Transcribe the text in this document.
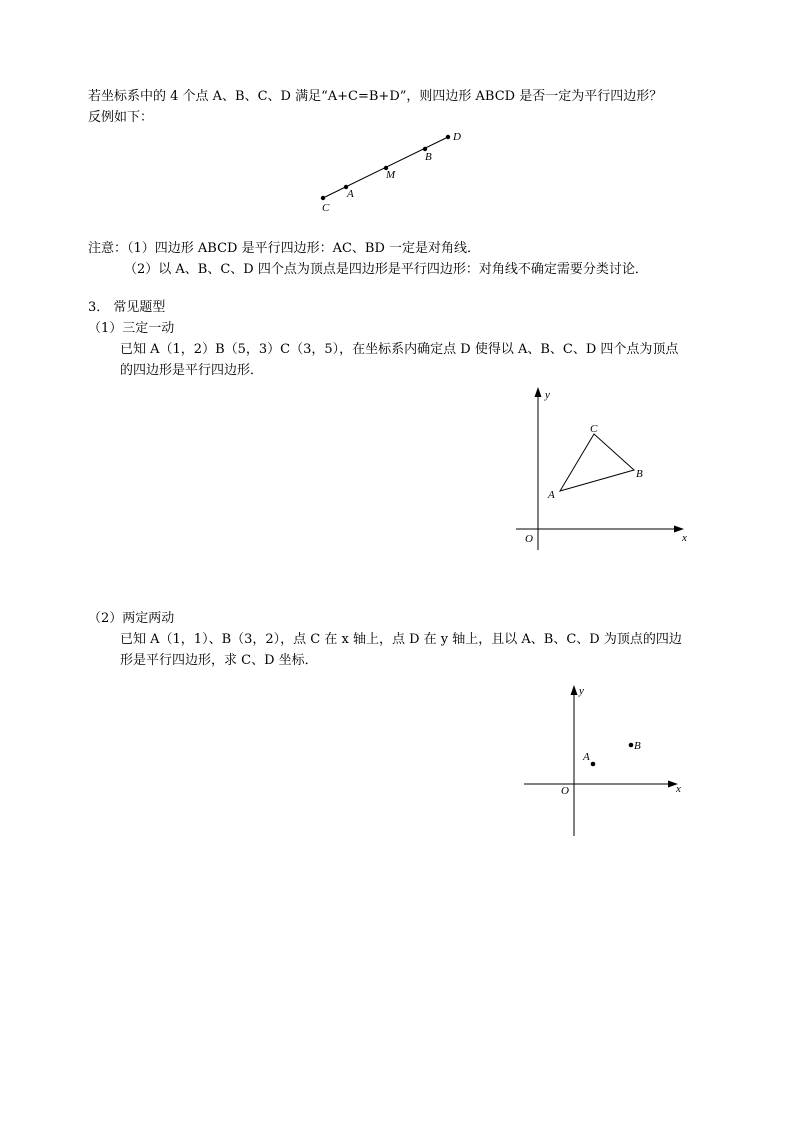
若坐标系中的 4 个点 A、B、C、D 满足“A+C=B+D”，则四边形 ABCD 是否一定为平行四边形？
反例如下：
C
A
M
B
D
注意：（1）四边形 ABCD 是平行四边形：AC、BD 一定是对角线．
（2）以 A、B、C、D 四个点为顶点是四边形是平行四边形：对角线不确定需要分类讨论．
3． 常见题型
（1）三定一动
已知 A（1，2）B（5，3）C（3，5），在坐标系内确定点 D 使得以 A、B、C、D 四个点为顶点
的四边形是平行四边形．
x
y
O
A
B
C
（2）两定两动
已知 A（1，1）、B（3，2），点 C 在 x 轴上，点 D 在 y 轴上，且以 A、B、C、D 为顶点的四边
形是平行四边形，求 C、D 坐标．
x
y
O
A
B
